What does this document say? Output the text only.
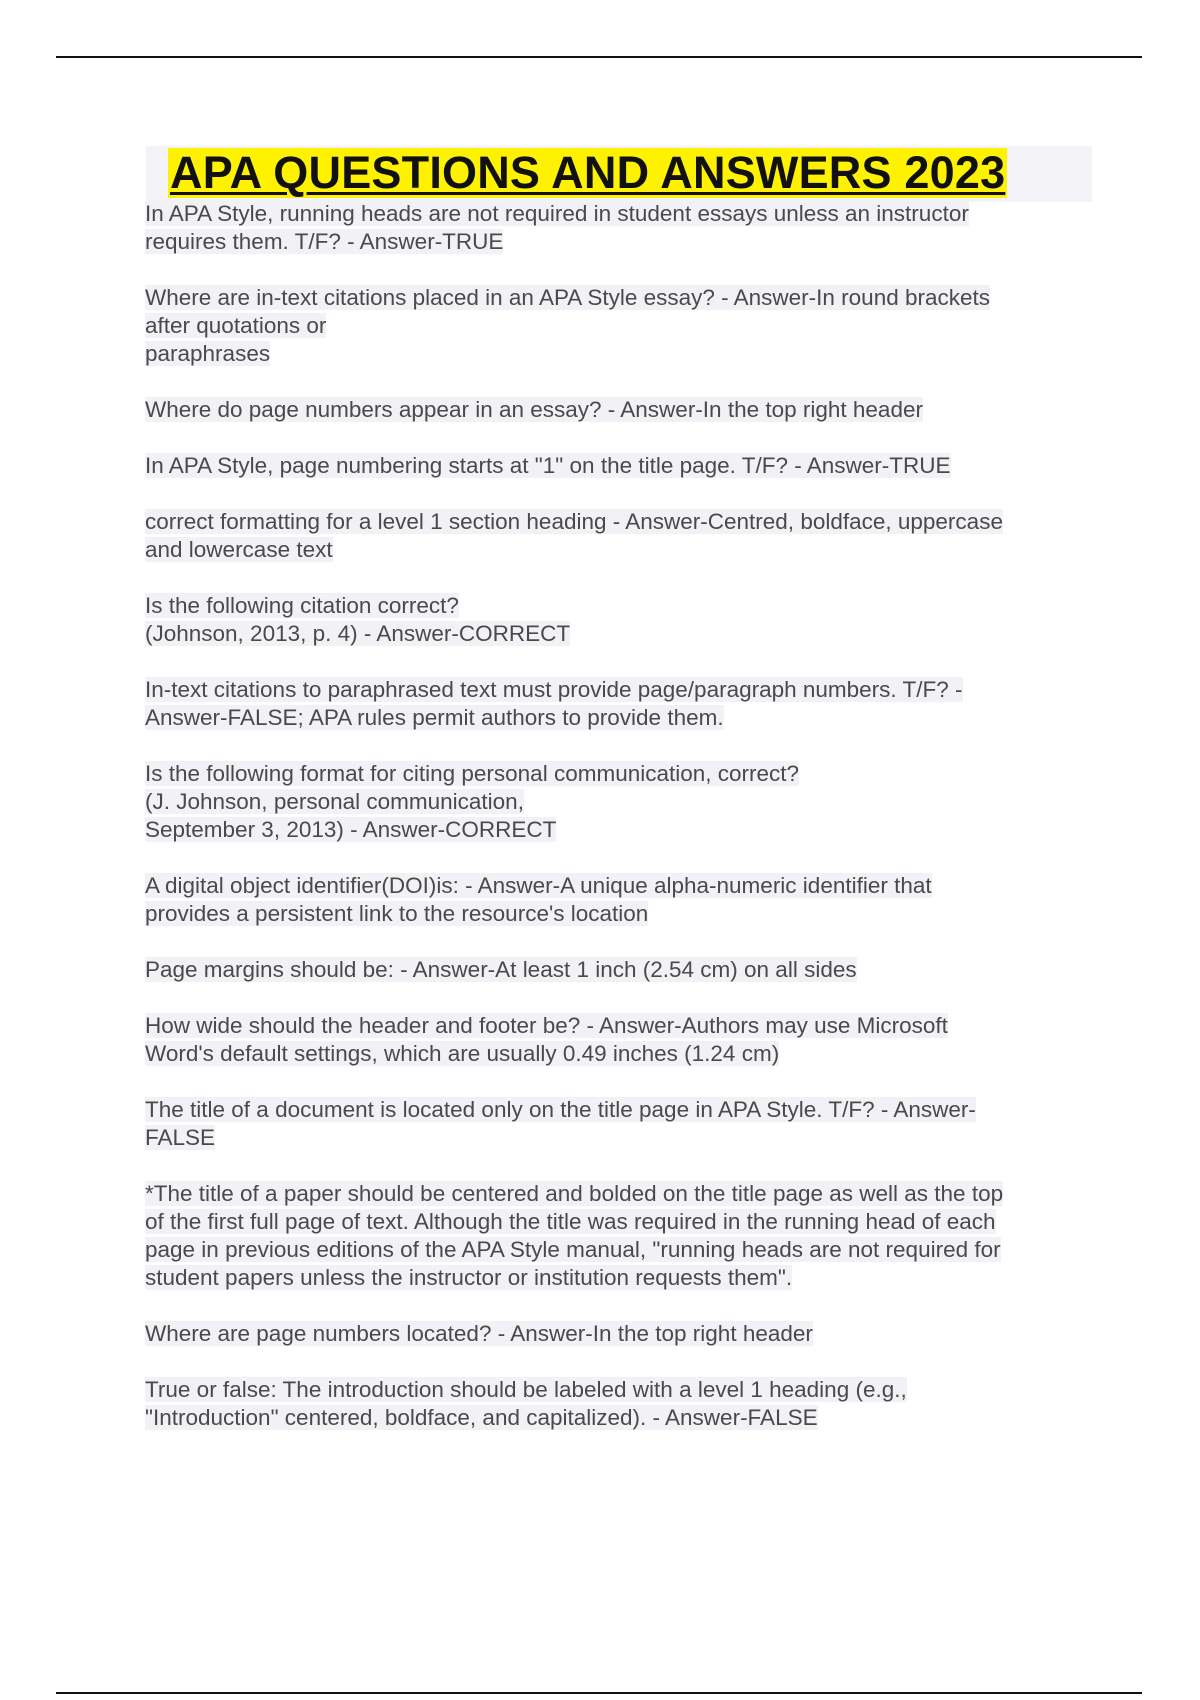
APA QUESTIONS AND ANSWERS 2023
In APA Style, running heads are not required in student essays unless an instructor
requires them. T/F? - Answer-TRUE
Where are in-text citations placed in an APA Style essay? - Answer-In round brackets
after quotations or
paraphrases
Where do page numbers appear in an essay? - Answer-In the top right header
In APA Style, page numbering starts at "1" on the title page. T/F? - Answer-TRUE
correct formatting for a level 1 section heading - Answer-Centred, boldface, uppercase
and lowercase text
Is the following citation correct?
(Johnson, 2013, p. 4) - Answer-CORRECT
In-text citations to paraphrased text must provide page/paragraph numbers. T/F? -
Answer-FALSE; APA rules permit authors to provide them.
Is the following format for citing personal communication, correct?
(J. Johnson, personal communication,
September 3, 2013) - Answer-CORRECT
A digital object identifier(DOI)is: - Answer-A unique alpha-numeric identifier that
provides a persistent link to the resource's location
Page margins should be: - Answer-At least 1 inch (2.54 cm) on all sides
How wide should the header and footer be? - Answer-Authors may use Microsoft
Word's default settings, which are usually 0.49 inches (1.24 cm)
The title of a document is located only on the title page in APA Style. T/F? - Answer-
FALSE
*The title of a paper should be centered and bolded on the title page as well as the top
of the first full page of text. Although the title was required in the running head of each
page in previous editions of the APA Style manual, "running heads are not required for
student papers unless the instructor or institution requests them".
Where are page numbers located? - Answer-In the top right header
True or false: The introduction should be labeled with a level 1 heading (e.g.,
"Introduction" centered, boldface, and capitalized). - Answer-FALSE
